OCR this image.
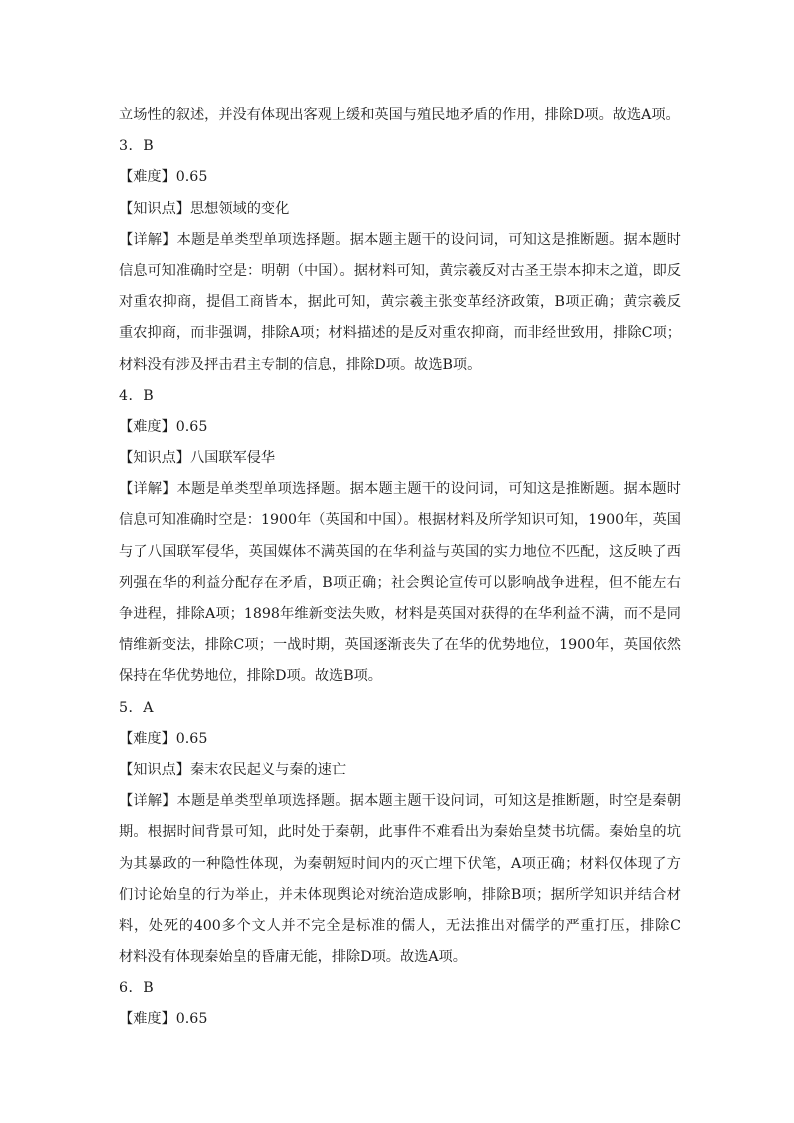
立场性的叙述，并没有体现出客观上缓和英国与殖民地矛盾的作用，排除D项。故选A项。
3．B
【难度】0.65
【知识点】思想领域的变化
【详解】本题是单类型单项选择题。据本题主题干的设问词，可知这是推断题。据本题时
信息可知准确时空是：明朝（中国）。据材料可知，黄宗羲反对古圣王崇本抑末之道，即反
对重农抑商，提倡工商皆本，据此可知，黄宗羲主张变革经济政策，B项正确；黄宗羲反
重农抑商，而非强调，排除A项；材料描述的是反对重农抑商，而非经世致用，排除C项；
材料没有涉及抨击君主专制的信息，排除D项。故选B项。
4．B
【难度】0.65
【知识点】八国联军侵华
【详解】本题是单类型单项选择题。据本题主题干的设问词，可知这是推断题。据本题时
信息可知准确时空是：1900年（英国和中国）。根据材料及所学知识可知，1900年，英国
与了八国联军侵华，英国媒体不满英国的在华利益与英国的实力地位不匹配，这反映了西
列强在华的利益分配存在矛盾，B项正确；社会舆论宣传可以影响战争进程，但不能左右
争进程，排除A项；1898年维新变法失败，材料是英国对获得的在华利益不满，而不是同
情维新变法，排除C项；一战时期，英国逐渐丧失了在华的优势地位，1900年，英国依然
保持在华优势地位，排除D项。故选B项。
5．A
【难度】0.65
【知识点】秦末农民起义与秦的速亡
【详解】本题是单类型单项选择题。据本题主题干设问词，可知这是推断题，时空是秦朝
期。根据时间背景可知，此时处于秦朝，此事件不难看出为秦始皇焚书坑儒。秦始皇的坑
为其暴政的一种隐性体现，为秦朝短时间内的灭亡埋下伏笔，A项正确；材料仅体现了方
们讨论始皇的行为举止，并未体现舆论对统治造成影响，排除B项；据所学知识并结合材
料，处死的400多个文人并不完全是标准的儒人，无法推出对儒学的严重打压，排除C
材料没有体现秦始皇的昏庸无能，排除D项。故选A项。
6．B
【难度】0.65
